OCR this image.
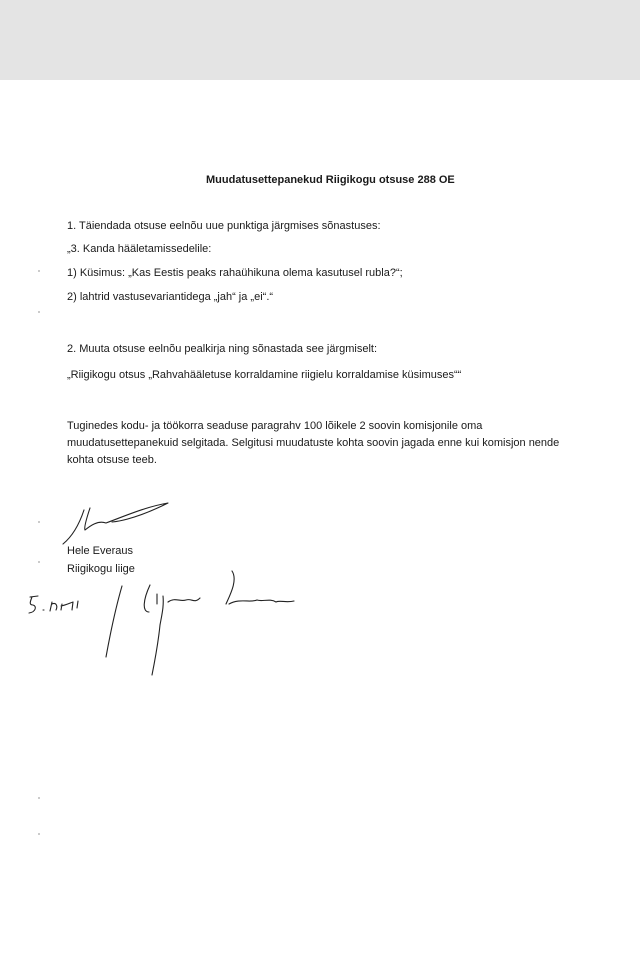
Muudatusettepanekud Riigikogu otsuse 288 OE
1. Täiendada otsuse eelnõu uue punktiga järgmises sõnastuses:
„3. Kanda hääletamissedelile:
1) Küsimus: „Kas Eestis peaks rahaühikuna olema kasutusel rubla?“;
2) lahtrid vastusevariantidega „jah“ ja „ei“.“
2. Muuta otsuse eelnõu pealkirja ning sõnastada see järgmiselt:
„Riigikogu otsus „Rahvahääletuse korraldamine riigielu korraldamise küsimuses““
Tuginedes kodu- ja töökorra seaduse paragrahv 100 lõikele 2 soovin komisjonile oma muudatusettepanekuid selgitada. Selgitusi muudatuste kohta soovin jagada enne kui komisjon nende kohta otsuse teeb.
Hele Everaus
Riigikogu liige
